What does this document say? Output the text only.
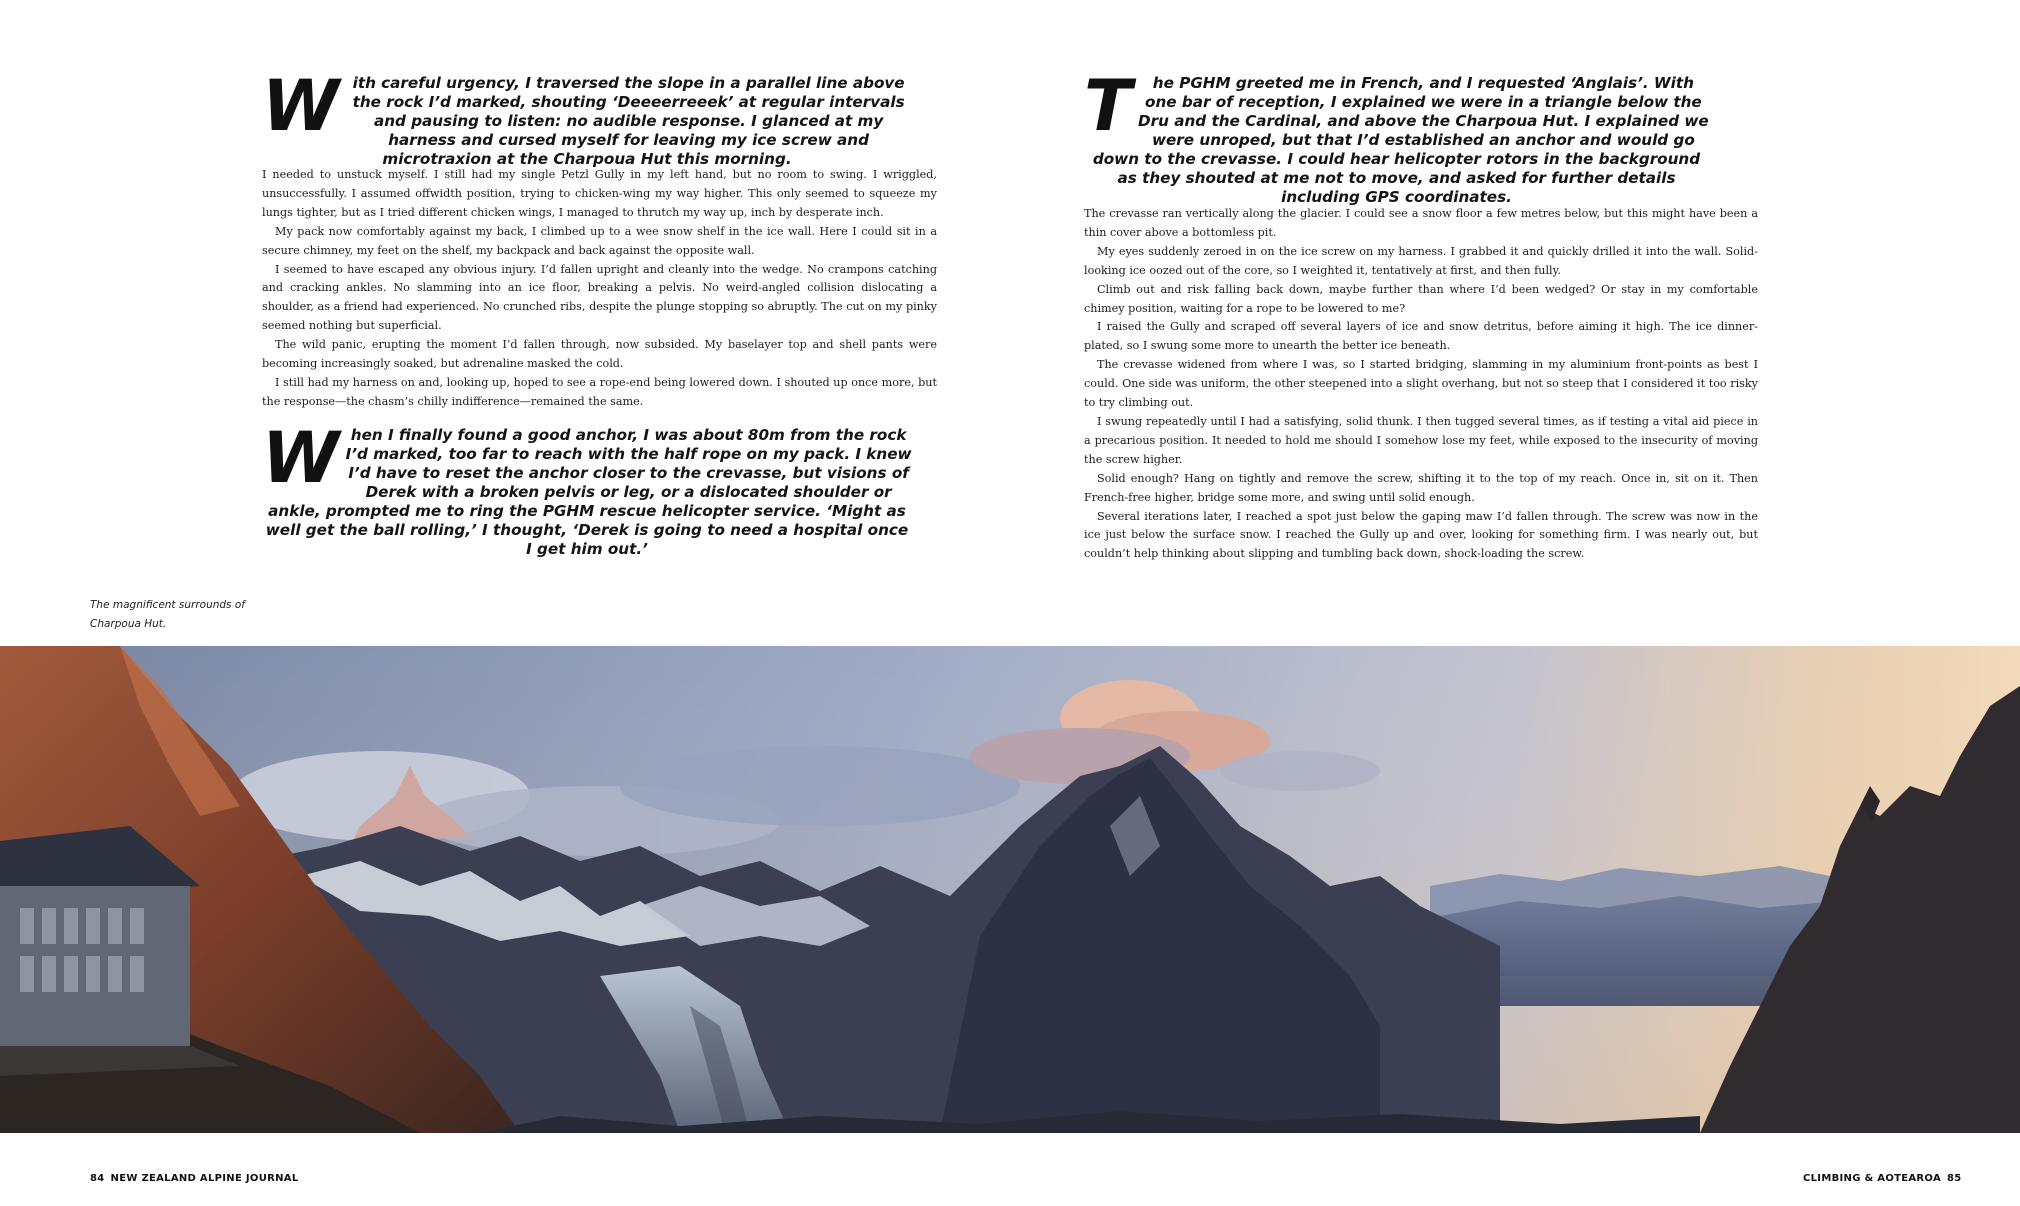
W ith careful urgency, I traversed the slope in a parallel line above the rock I’d marked, shouting ‘Deeeerreeek’ at regular intervals and pausing to listen: no audible response. I glanced at my harness and cursed myself for leaving my ice screw and microtraxion at the Charpoua Hut this morning.

I needed to unstuck myself. I still had my single Petzl Gully in my left hand, but no room to swing. I wriggled, unsuccessfully. I assumed offwidth position, trying to chicken-wing my way higher. This only seemed to squeeze my lungs tighter, but as I tried different chicken wings, I managed to thrutch my way up, inch by desperate inch.

My pack now comfortably against my back, I climbed up to a wee snow shelf in the ice wall. Here I could sit in a secure chimney, my feet on the shelf, my backpack and back against the opposite wall.

I seemed to have escaped any obvious injury. I’d fallen upright and cleanly into the wedge. No crampons catching and cracking ankles. No slamming into an ice floor, breaking a pelvis. No weird-angled collision dislocating a shoulder, as a friend had experienced. No crunched ribs, despite the plunge stopping so abruptly. The cut on my pinky seemed nothing but superficial.

The wild panic, erupting the moment I’d fallen through, now subsided. My baselayer top and shell pants were becoming increasingly soaked, but adrenaline masked the cold.

I still had my harness on and, looking up, hoped to see a rope-end being lowered down. I shouted up once more, but the response—the chasm’s chilly indifference—remained the same.

W hen I finally found a good anchor, I was about 80m from the rock I’d marked, too far to reach with the half rope on my pack. I knew I’d have to reset the anchor closer to the crevasse, but visions of Derek with a broken pelvis or leg, or a dislocated shoulder or ankle, prompted me to ring the PGHM rescue helicopter service. ‘Might as well get the ball rolling,’ I thought, ‘Derek is going to need a hospital once I get him out.’

T he PGHM greeted me in French, and I requested ‘Anglais’. With one bar of reception, I explained we were in a triangle below the Dru and the Cardinal, and above the Charpoua Hut. I explained we were unroped, but that I’d established an anchor and would go down to the crevasse. I could hear helicopter rotors in the background as they shouted at me not to move, and asked for further details including GPS coordinates.

The crevasse ran vertically along the glacier. I could see a snow floor a few metres below, but this might have been a thin cover above a bottomless pit.

My eyes suddenly zeroed in on the ice screw on my harness. I grabbed it and quickly drilled it into the wall. Solid-looking ice oozed out of the core, so I weighted it, tentatively at first, and then fully.

Climb out and risk falling back down, maybe further than where I’d been wedged? Or stay in my comfortable chimey position, waiting for a rope to be lowered to me?

I raised the Gully and scraped off several layers of ice and snow detritus, before aiming it high. The ice dinner-plated, so I swung some more to unearth the better ice beneath.

The crevasse widened from where I was, so I started bridging, slamming in my aluminium front-points as best I could. One side was uniform, the other steepened into a slight overhang, but not so steep that I considered it too risky to try climbing out.

I swung repeatedly until I had a satisfying, solid thunk. I then tugged several times, as if testing a vital aid piece in a precarious position. It needed to hold me should I somehow lose my feet, while exposed to the insecurity of moving the screw higher.

Solid enough? Hang on tightly and remove the screw, shifting it to the top of my reach. Once in, sit on it. Then French-free higher, bridge some more, and swing until solid enough.

Several iterations later, I reached a spot just below the gaping maw I’d fallen through. The screw was now in the ice just below the surface snow. I reached the Gully up and over, looking for something firm. I was nearly out, but couldn’t help thinking about slipping and tumbling back down, shock-loading the screw.

The magnificent surrounds of Charpoua Hut.

84 NEW ZEALAND ALPINE JOURNAL	CLIMBING & AOTEAROA 85
